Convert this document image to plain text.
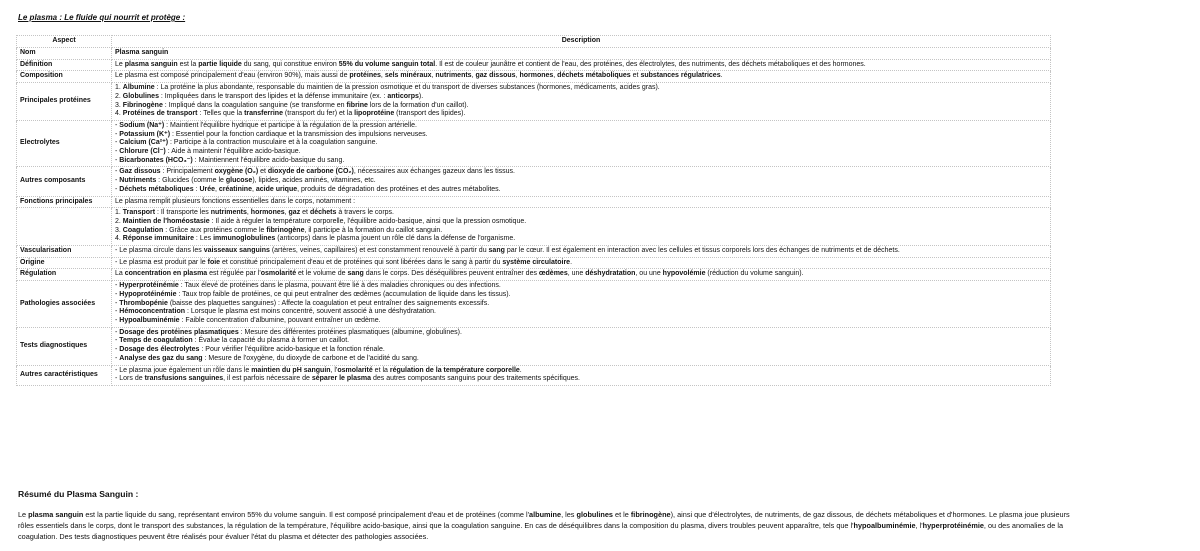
Le plasma : Le fluide qui nourrit et protège :
Aspect	Description
Nom	Plasma sanguin

Définition	Le plasma sanguin est la partie liquide du sang, qui constitue environ 55% du volume sanguin total. Il est de couleur jaunâtre et contient de l'eau, des protéines, des électrolytes, des nutriments, des déchets métaboliques et des hormones.

Composition	Le plasma est composé principalement d'eau (environ 90%), mais aussi de protéines, sels minéraux, nutriments, gaz dissous, hormones, déchets métaboliques et substances régulatrices.

Principales protéines	1. Albumine : La protéine la plus abondante, responsable du maintien de la pression osmotique et du transport de diverses substances (hormones, médicaments, acides gras).
2. Globulines : Impliquées dans le transport des lipides et la défense immunitaire (ex. : anticorps).
3. Fibrinogène : Impliqué dans la coagulation sanguine (se transforme en fibrine lors de la formation d'un caillot).
4. Protéines de transport : Telles que la transferrine (transport du fer) et la lipoprotéine (transport des lipides).

Electrolytes	- Sodium (Na⁺) : Maintient l'équilibre hydrique et participe à la régulation de la pression artérielle.
- Potassium (K⁺) : Essentiel pour la fonction cardiaque et la transmission des impulsions nerveuses.
- Calcium (Ca²⁺) : Participe à la contraction musculaire et à la coagulation sanguine.
- Chlorure (Cl⁻) : Aide à maintenir l'équilibre acido-basique.
- Bicarbonates (HCO₃⁻) : Maintiennent l'équilibre acido-basique du sang.

Autres composants	- Gaz dissous : Principalement oxygène (O₂) et dioxyde de carbone (CO₂), nécessaires aux échanges gazeux dans les tissus.
- Nutriments : Glucides (comme le glucose), lipides, acides aminés, vitamines, etc.
- Déchets métaboliques : Urée, créatinine, acide urique, produits de dégradation des protéines et des autres métabolites.

Fonctions principales	Le plasma remplit plusieurs fonctions essentielles dans le corps, notamment :

	1. Transport : Il transporte les nutriments, hormones, gaz et déchets à travers le corps.
2. Maintien de l'homéostasie : Il aide à réguler la température corporelle, l'équilibre acido-basique, ainsi que la pression osmotique.
3. Coagulation : Grâce aux protéines comme le fibrinogène, il participe à la formation du caillot sanguin.
4. Réponse immunitaire : Les immunoglobulines (anticorps) dans le plasma jouent un rôle clé dans la défense de l'organisme.

Vascularisation	- Le plasma circule dans les vaisseaux sanguins (artères, veines, capillaires) et est constamment renouvelé à partir du sang par le cœur. Il est également en interaction avec les cellules et tissus corporels lors des échanges de nutriments et de déchets.

Origine	- Le plasma est produit par le foie et constitué principalement d'eau et de protéines qui sont libérées dans le sang à partir du système circulatoire.

Régulation	La concentration en plasma est régulée par l'osmolarité et le volume de sang dans le corps. Des déséquilibres peuvent entraîner des œdèmes, une déshydratation, ou une hypovolémie (réduction du volume sanguin).

Pathologies associées	- Hyperprotéinémie : Taux élevé de protéines dans le plasma, pouvant être lié à des maladies chroniques ou des infections.
- Hypoprotéinémie : Taux trop faible de protéines, ce qui peut entraîner des œdèmes (accumulation de liquide dans les tissus).
- Thrombopénie (baisse des plaquettes sanguines) : Affecte la coagulation et peut entraîner des saignements excessifs.
- Hémoconcentration : Lorsque le plasma est moins concentré, souvent associé à une déshydratation.
- Hypoalbuminémie : Faible concentration d'albumine, pouvant entraîner un œdème.

Tests diagnostiques	- Dosage des protéines plasmatiques : Mesure des différentes protéines plasmatiques (albumine, globulines).
- Temps de coagulation : Évalue la capacité du plasma à former un caillot.
- Dosage des électrolytes : Pour vérifier l'équilibre acido-basique et la fonction rénale.
- Analyse des gaz du sang : Mesure de l'oxygène, du dioxyde de carbone et de l'acidité du sang.

Autres caractéristiques	- Le plasma joue également un rôle dans le maintien du pH sanguin, l'osmolarité et la régulation de la température corporelle.
- Lors de transfusions sanguines, il est parfois nécessaire de séparer le plasma des autres composants sanguins pour des traitements spécifiques.
Résumé du Plasma Sanguin :
Le plasma sanguin est la partie liquide du sang, représentant environ 55% du volume sanguin. Il est composé principalement d'eau et de protéines (comme l'albumine, les globulines et le fibrinogène), ainsi que d'électrolytes, de nutriments, de gaz dissous, de déchets métaboliques et d'hormones. Le plasma joue plusieurs rôles essentiels dans le corps, dont le transport des substances, la régulation de la température, l'équilibre acido-basique, ainsi que la coagulation sanguine. En cas de déséquilibres dans la composition du plasma, divers troubles peuvent apparaître, tels que l'hypoalbuminémie, l'hyperprotéinémie, ou des anomalies de la coagulation. Des tests diagnostiques peuvent être réalisés pour évaluer l'état du plasma et détecter des pathologies associées.
